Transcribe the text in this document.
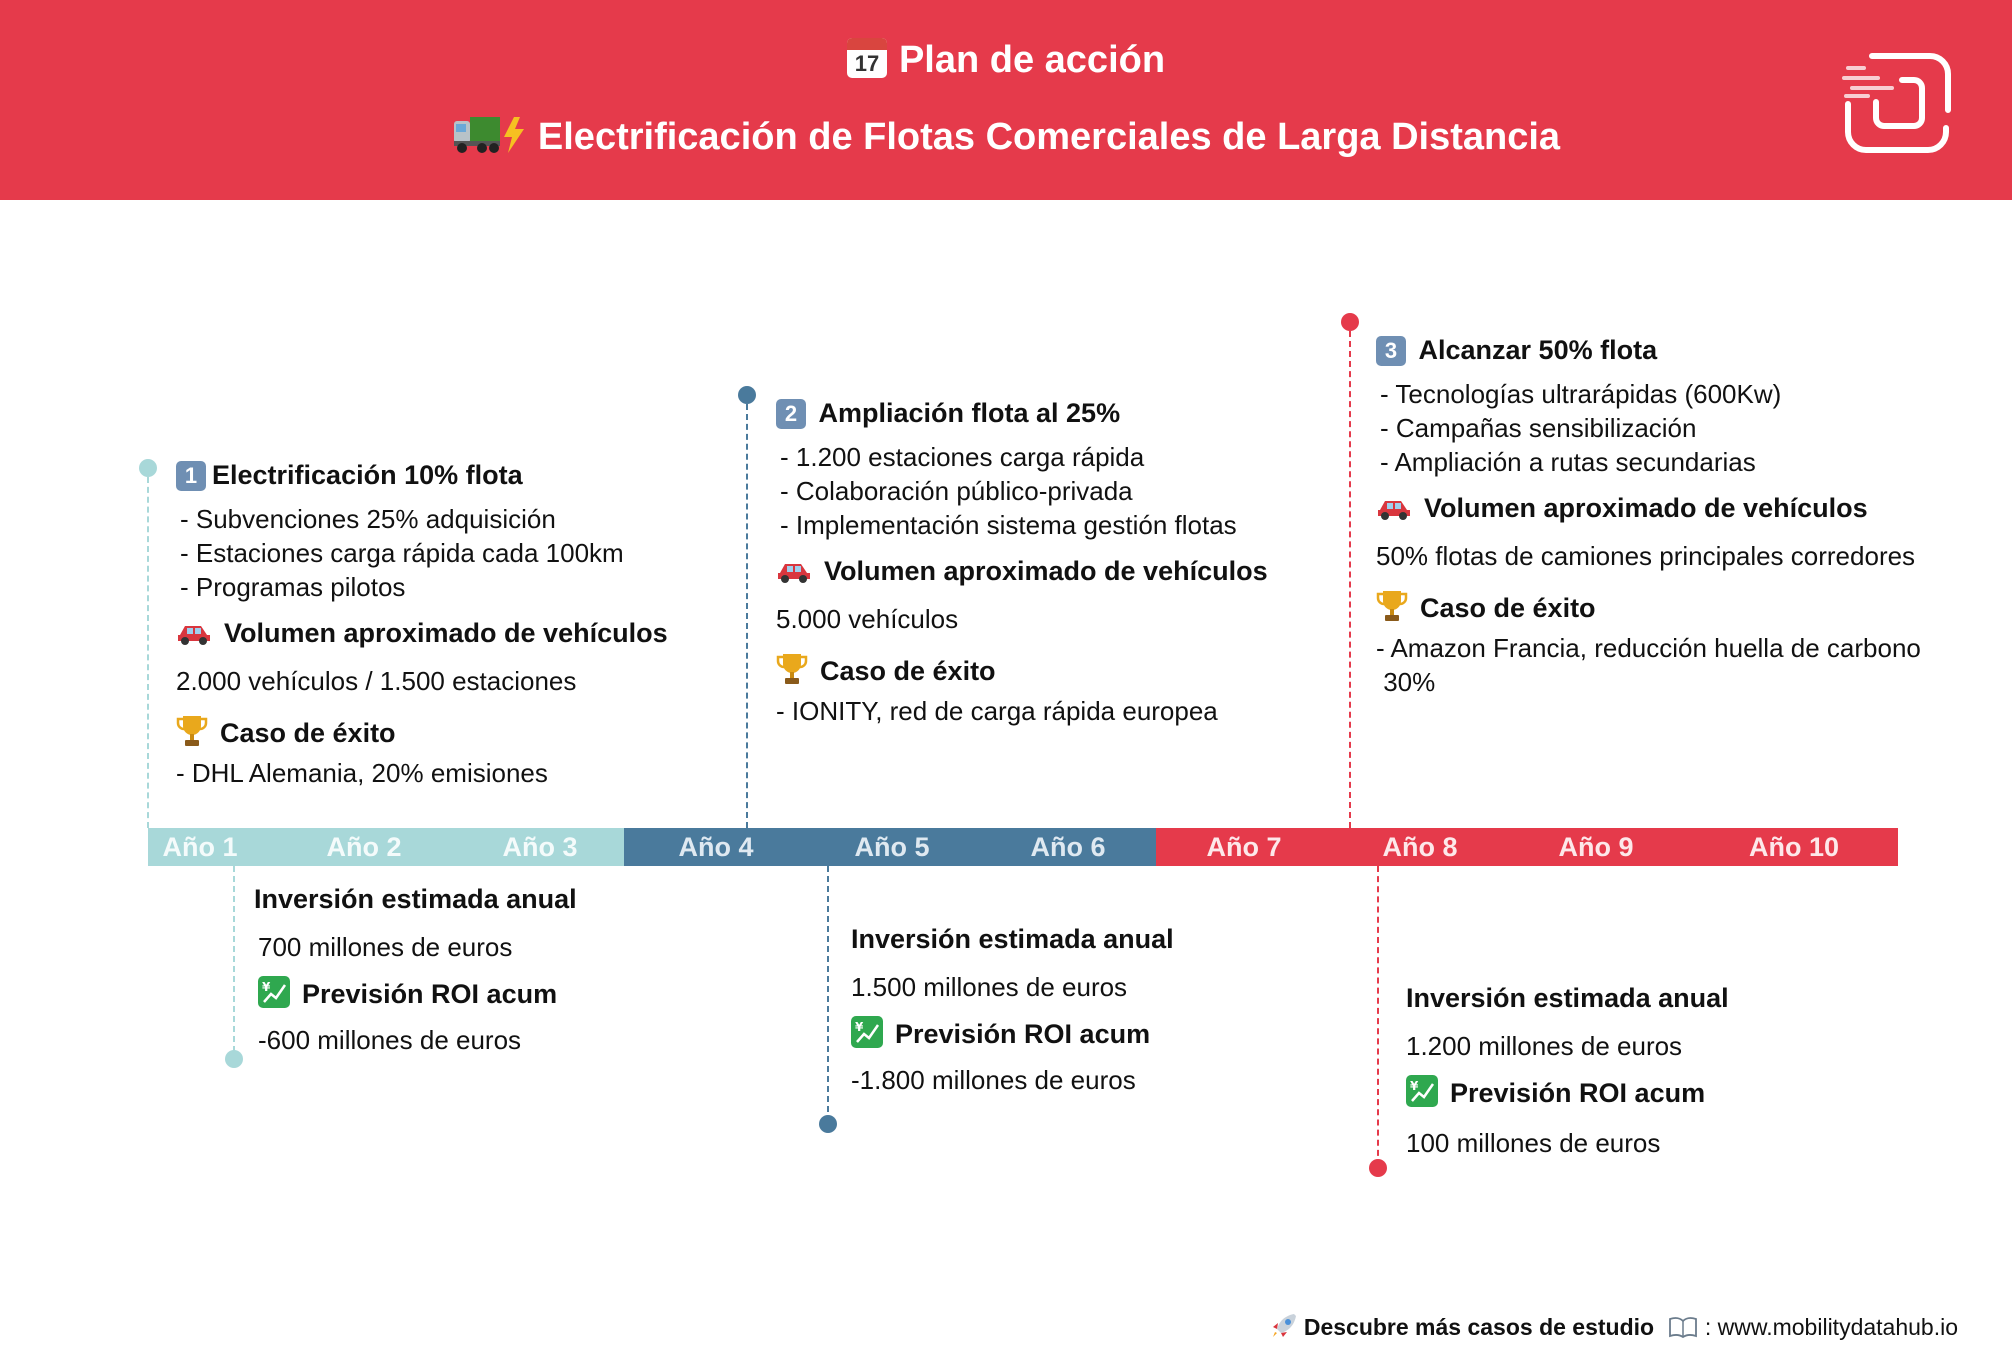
17 Plan de acción
Electrificación de Flotas Comerciales de Larga Distancia
1 Electrificación 10% flota
- Subvenciones 25% adquisición
- Estaciones carga rápida cada 100km
- Programas pilotos
Volumen aproximado de vehículos
2.000 vehículos / 1.500 estaciones
Caso de éxito
- DHL Alemania, 20% emisiones
2 Ampliación flota al 25%
- 1.200 estaciones carga rápida
- Colaboración público-privada
- Implementación sistema gestión flotas
Volumen aproximado de vehículos
5.000 vehículos
Caso de éxito
- IONITY, red de carga rápida europea
3 Alcanzar 50% flota
- Tecnologías ultrarápidas (600Kw)
- Campañas sensibilización
- Ampliación a rutas secundarias
Volumen aproximado de vehículos
50% flotas de camiones principales corredores
Caso de éxito
- Amazon Francia, reducción huella de carbono
30%
Año 1	Año 2	Año 3	Año 4	Año 5	Año 6	Año 7	Año 8	Año 9	Año 10
Inversión estimada anual
700 millones de euros
¥ Previsión ROI acum
-600 millones de euros
Inversión estimada anual
1.500 millones de euros
¥ Previsión ROI acum
-1.800 millones de euros
Inversión estimada anual
1.200 millones de euros
¥ Previsión ROI acum
100 millones de euros
Descubre más casos de estudio  : www.mobilitydatahub.io
